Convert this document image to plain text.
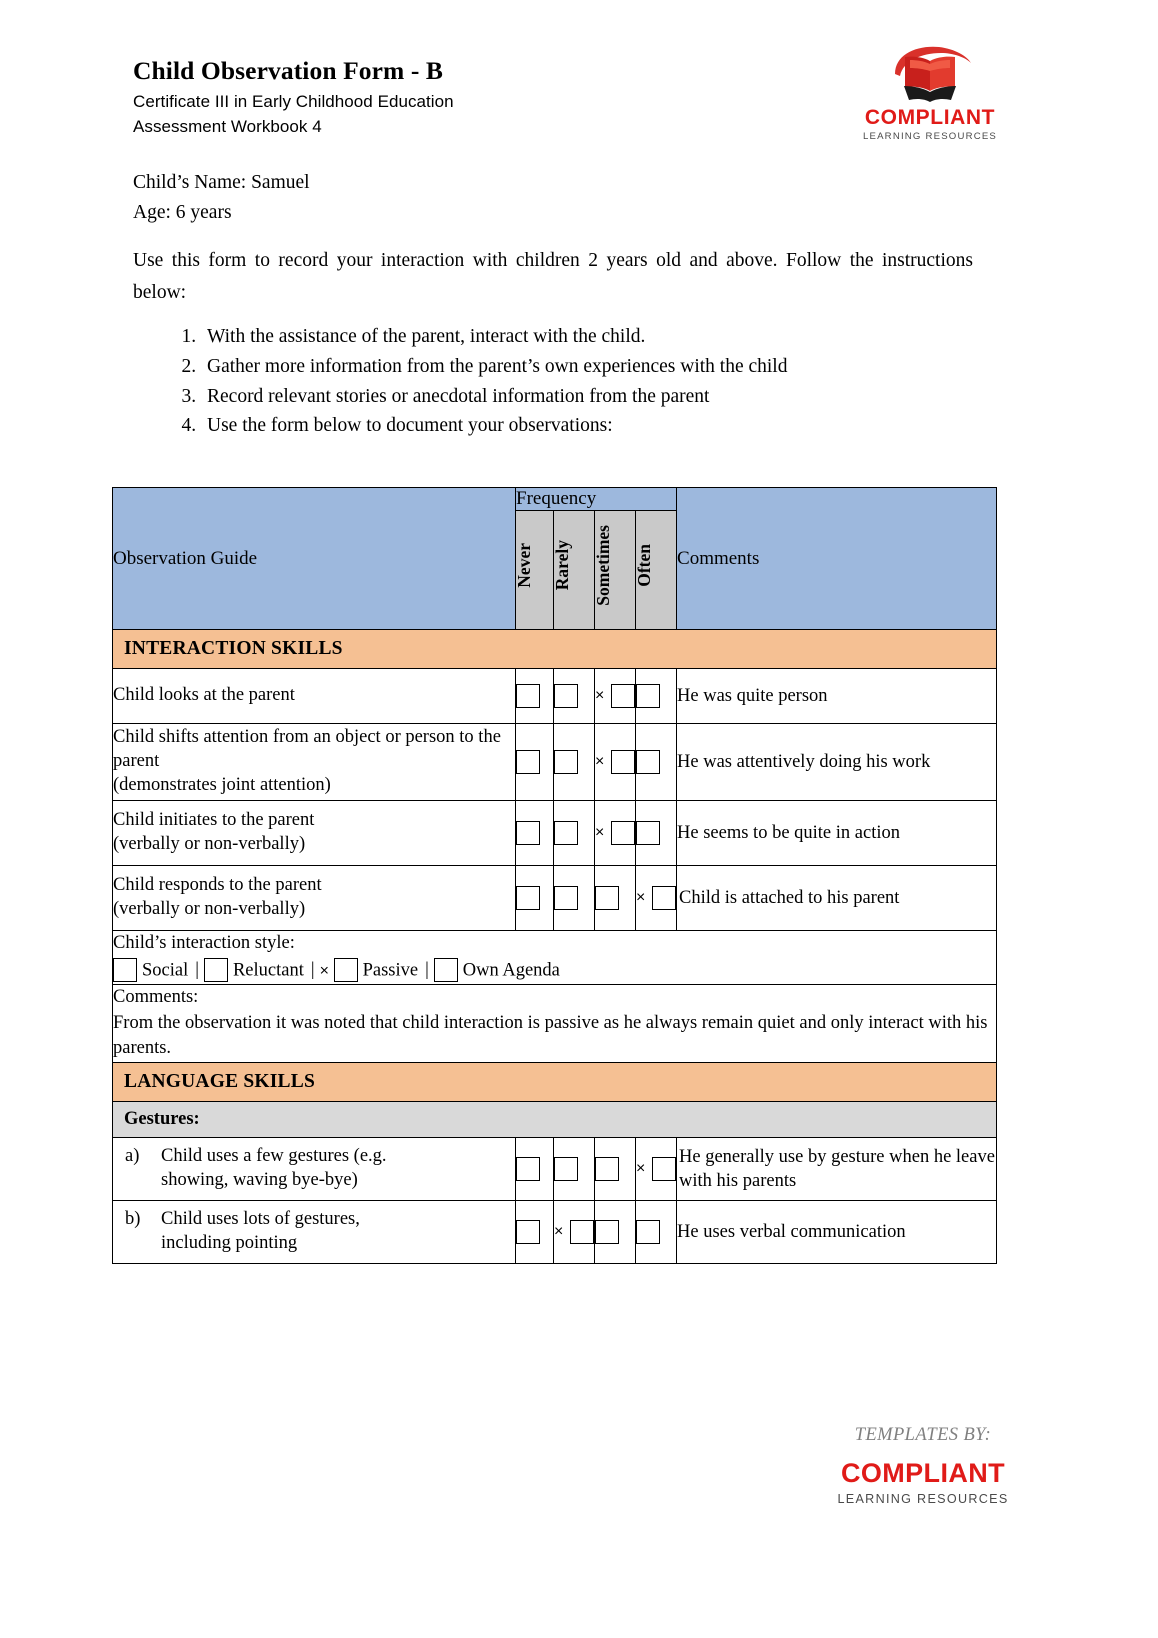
Child Observation Form - B
Certificate III in Early Childhood Education
Assessment Workbook 4	COMPLIANT
LEARNING RESOURCES
Child’s Name: Samuel
Age: 6 years
Use this form to record your interaction with children 2 years old and above. Follow the instructions below:
1. With the assistance of the parent, interact with the child.
2. Gather more information from the parent’s own experiences with the child
3. Record relevant stories or anecdotal information from the parent
4. Use the form below to document your observations:
Observation Guide	Frequency				Comments
	Never	Rarely	Sometimes	Often	
INTERACTION SKILLS					
Child looks at the parent			×		He was quite person
Child shifts attention from an object or person to the parent
(demonstrates joint attention)			×		He was attentively doing his work
Child initiates to the parent
(verbally or non-verbally)			×		He seems to be quite in action
Child responds to the parent
(verbally or non-verbally)				×	Child is attached to his parent

Child’s interaction style:
Social | Reluctant | × Passive | Own Agenda					

Comments:
From the observation it was noted that child interaction is passive as he always remain quiet and only interact with his parents.					

LANGUAGE SKILLS					
Gestures:					

a) Child uses a few gestures (e.g.
showing, waving bye-bye)
				×	He generally use by gesture when he leave with his parents

b) Child uses lots of gestures,
including pointing
		×			He uses verbal communication
TEMPLATES BY:
COMPLIANT
LEARNING RESOURCES
